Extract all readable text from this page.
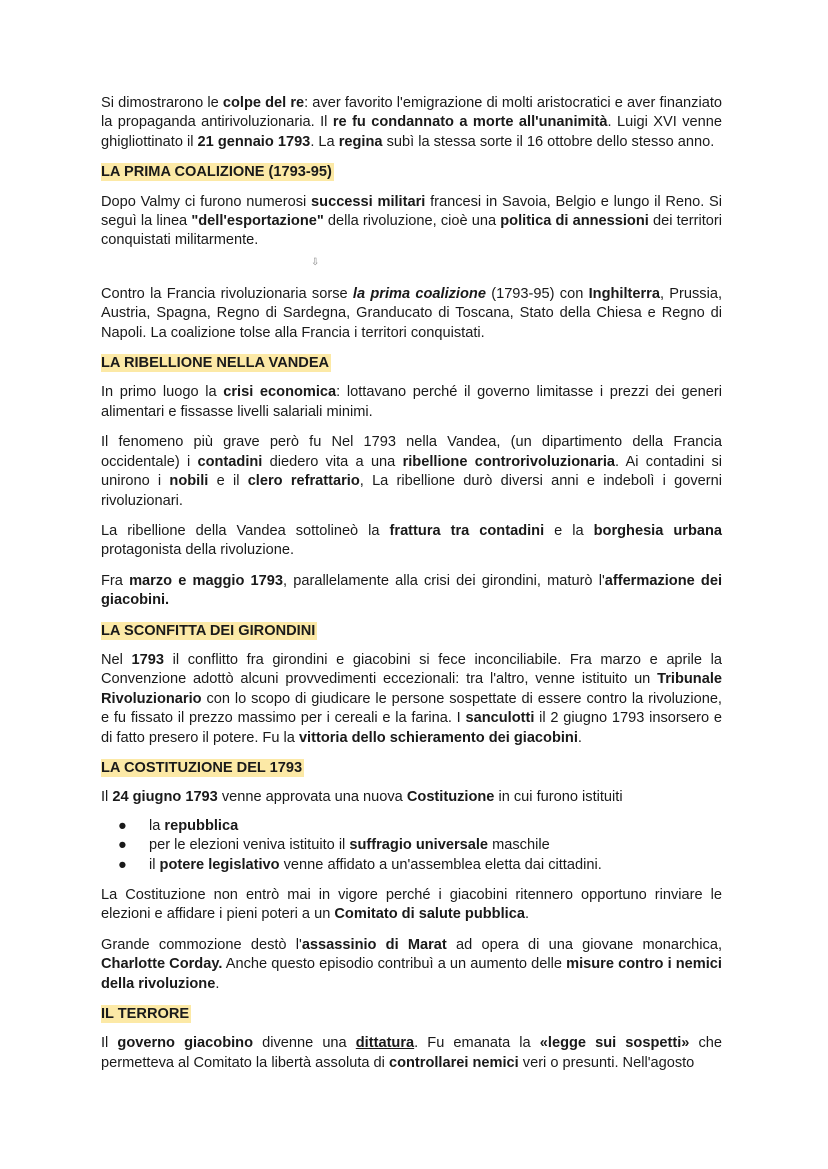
Si dimostrarono le colpe del re: aver favorito l'emigrazione di molti aristocratici e aver finanziato la propaganda antirivoluzionaria. Il re fu condannato a morte all'unanimità. Luigi XVI venne ghigliottinato il 21 gennaio 1793. La regina subì la stessa sorte il 16 ottobre dello stesso anno.

LA PRIMA COALIZIONE (1793-95)

Dopo Valmy ci furono numerosi successi militari francesi in Savoia, Belgio e lungo il Reno. Si seguì la linea "dell'esportazione" della rivoluzione, cioè una politica di annessioni dei territori conquistati militarmente.

⇩

Contro la Francia rivoluzionaria sorse la prima coalizione (1793-95) con Inghilterra, Prussia, Austria, Spagna, Regno di Sardegna, Granducato di Toscana, Stato della Chiesa e Regno di Napoli. La coalizione tolse alla Francia i territori conquistati.

LA RIBELLIONE NELLA VANDEA

In primo luogo la crisi economica: lottavano perché il governo limitasse i prezzi dei generi alimentari e fissasse livelli salariali minimi.

Il fenomeno più grave però fu Nel 1793 nella Vandea, (un dipartimento della Francia occidentale) i contadini diedero vita a una ribellione controrivoluzionaria. Ai contadini si unirono i nobili e il clero refrattario, La ribellione durò diversi anni e indebolì i governi rivoluzionari.

La ribellione della Vandea sottolineò la frattura tra contadini e la borghesia urbana protagonista della rivoluzione.

Fra marzo e maggio 1793, parallelamente alla crisi dei girondini, maturò l'affermazione dei giacobini.

LA SCONFITTA DEI GIRONDINI

Nel 1793 il conflitto fra girondini e giacobini si fece inconciliabile. Fra marzo e aprile la Convenzione adottò alcuni provvedimenti eccezionali: tra l'altro, venne istituito un Tribunale Rivoluzionario con lo scopo di giudicare le persone sospettate di essere contro la rivoluzione, e fu fissato il prezzo massimo per i cereali e la farina. I sanculotti il 2 giugno 1793 insorsero e di fatto presero il potere. Fu la vittoria dello schieramento dei giacobini.

LA COSTITUZIONE DEL 1793

Il 24 giugno 1793 venne approvata una nuova Costituzione in cui furono istituiti

● la repubblica
● per le elezioni veniva istituito il suffragio universale maschile
● il potere legislativo venne affidato a un'assemblea eletta dai cittadini.

La Costituzione non entrò mai in vigore perché i giacobini ritennero opportuno rinviare le elezioni e affidare i pieni poteri a un Comitato di salute pubblica.

Grande commozione destò l'assassinio di Marat ad opera di una giovane monarchica, Charlotte Corday. Anche questo episodio contribuì a un aumento delle misure contro i nemici della rivoluzione.

IL TERRORE

Il governo giacobino divenne una dittatura. Fu emanata la «legge sui sospetti» che permetteva al Comitato la libertà assoluta di controllarei nemici veri o presunti. Nell'agosto
